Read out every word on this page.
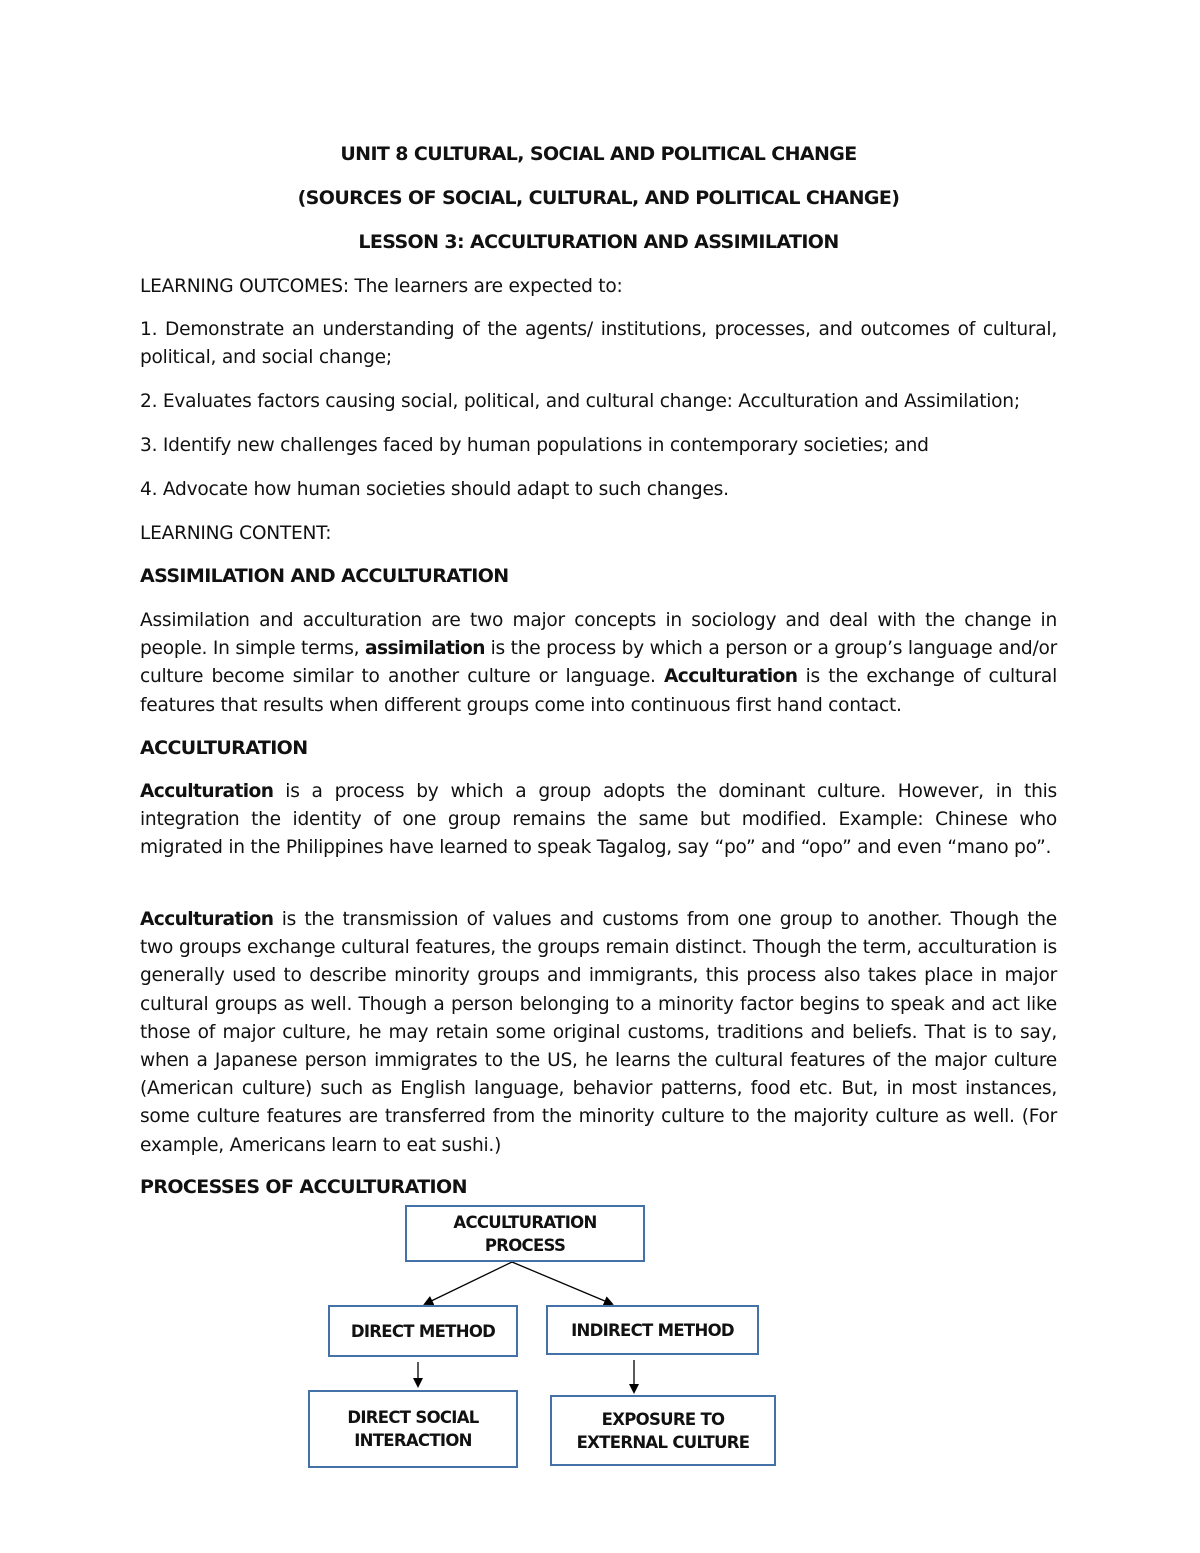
UNIT 8 CULTURAL, SOCIAL AND POLITICAL CHANGE
(SOURCES OF SOCIAL, CULTURAL, AND POLITICAL CHANGE)
LESSON 3: ACCULTURATION AND ASSIMILATION

LEARNING OUTCOMES: The learners are expected to:

1. Demonstrate an understanding of the agents/ institutions, processes, and outcomes of cultural, political, and social change;

2. Evaluates factors causing social, political, and cultural change: Acculturation and Assimilation;

3. Identify new challenges faced by human populations in contemporary societies; and

4. Advocate how human societies should adapt to such changes.

LEARNING CONTENT:

ASSIMILATION AND ACCULTURATION

Assimilation and acculturation are two major concepts in sociology and deal with the change in people. In simple terms, assimilation is the process by which a person or a group’s language and/or culture become similar to another culture or language. Acculturation is the exchange of cultural features that results when different groups come into continuous first hand contact.

ACCULTURATION

Acculturation is a process by which a group adopts the dominant culture. However, in this integration the identity of one group remains the same but modified. Example: Chinese who migrated in the Philippines have learned to speak Tagalog, say “po” and “opo” and even “mano po”.

Acculturation is the transmission of values and customs from one group to another. Though the two groups exchange cultural features, the groups remain distinct. Though the term, acculturation is generally used to describe minority groups and immigrants, this process also takes place in major cultural groups as well. Though a person belonging to a minority factor begins to speak and act like those of major culture, he may retain some original customs, traditions and beliefs. That is to say, when a Japanese person immigrates to the US, he learns the cultural features of the major culture (American culture) such as English language, behavior patterns, food etc. But, in most instances, some culture features are transferred from the minority culture to the majority culture as well. (For example, Americans learn to eat sushi.)

PROCESSES OF ACCULTURATION
ACCULTURATION
PROCESS
DIRECT METHOD	INDIRECT METHOD
DIRECT SOCIAL
INTERACTION
EXPOSURE TO
EXTERNAL CULTURE
